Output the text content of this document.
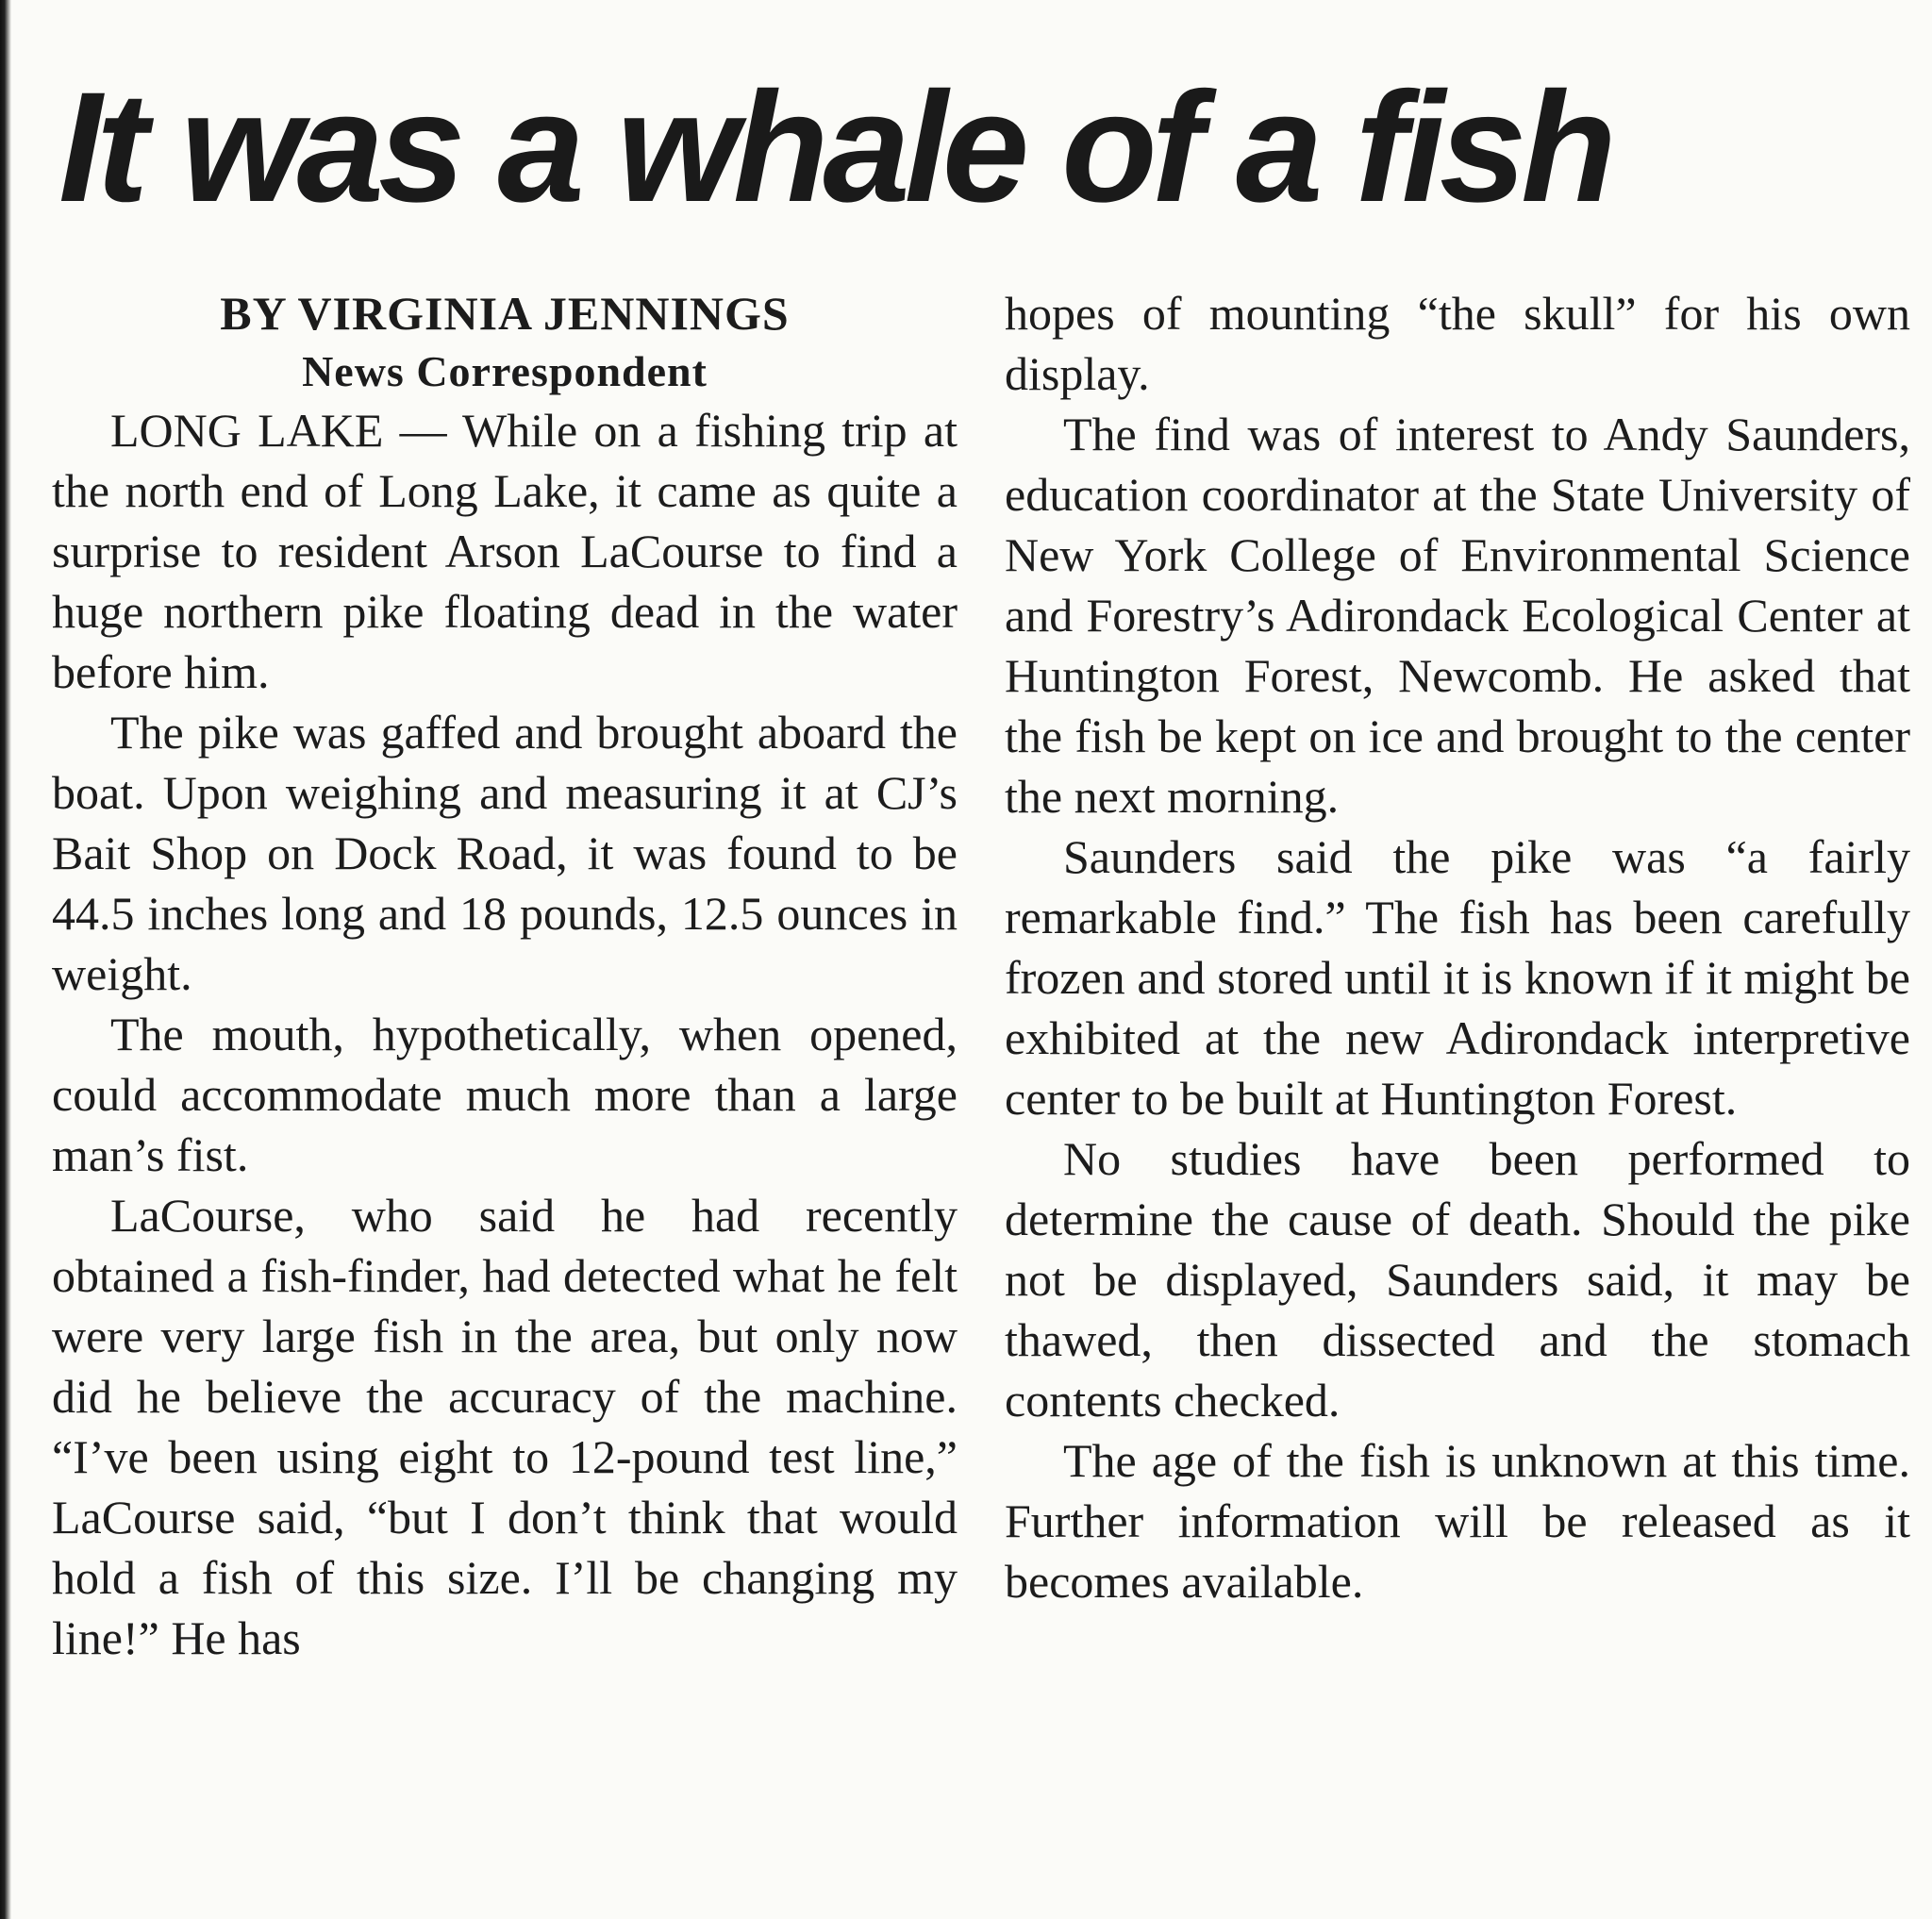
It was a whale of a fish

BY VIRGINIA JENNINGS

News Correspondent

LONG LAKE — While on a fishing trip at the north end of Long Lake, it came as quite a surprise to resident Arson LaCourse to find a huge northern pike floating dead in the water before him.

The pike was gaffed and brought aboard the boat. Upon weighing and measuring it at CJ’s Bait Shop on Dock Road, it was found to be 44.5 inches long and 18 pounds, 12.5 ounces in weight.

The mouth, hypothetically, when opened, could accommodate much more than a large man’s fist.

LaCourse, who said he had recently obtained a fish-finder, had detected what he felt were very large fish in the area, but only now did he believe the accuracy of the machine. “I’ve been using eight to 12-pound test line,” LaCourse said, “but I don’t think that would hold a fish of this size. I’ll be changing my line!” He has

hopes of mounting “the skull” for his own display.

The find was of interest to Andy Saunders, education coordinator at the State University of New York College of Environmental Science and Forestry’s Adirondack Ecological Center at Huntington Forest, Newcomb. He asked that the fish be kept on ice and brought to the center the next morning.

Saunders said the pike was “a fairly remarkable find.” The fish has been carefully frozen and stored until it is known if it might be exhibited at the new Adirondack interpretive center to be built at Huntington Forest.

No studies have been performed to determine the cause of death. Should the pike not be displayed, Saunders said, it may be thawed, then dissected and the stomach contents checked.

The age of the fish is unknown at this time. Further information will be released as it becomes available.
